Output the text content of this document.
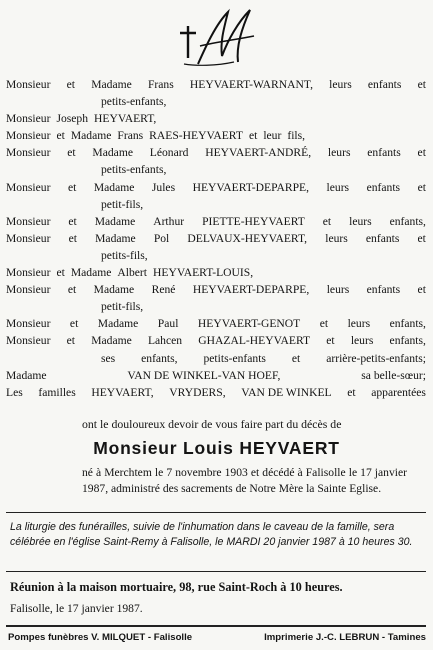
Monsieur et Madame Frans HEYVAERT-WARNANT, leurs enfants et
petits-enfants,
Monsieur Joseph HEYVAERT,
Monsieur et Madame Frans RAES-HEYVAERT et leur fils,
Monsieur et Madame Léonard HEYVAERT-ANDRÉ, leurs enfants et
petits-enfants,
Monsieur et Madame Jules HEYVAERT-DEPARPE, leurs enfants et
petit-fils,
Monsieur et Madame Arthur PIETTE-HEYVAERT et leurs enfants,
Monsieur et Madame Pol DELVAUX-HEYVAERT, leurs enfants et
petits-fils,
Monsieur et Madame Albert HEYVAERT-LOUIS,
Monsieur et Madame René HEYVAERT-DEPARPE, leurs enfants et
petit-fils,
Monsieur et Madame Paul HEYVAERT-GENOT et leurs enfants,
Monsieur et Madame Lahcen GHAZAL-HEYVAERT et leurs enfants,
ses enfants, petits-enfants et arrière-petits-enfants;
Madame	VAN DE WINKEL-VAN HOEF,	sa belle-sœur;
Les familles HEYVAERT, VRYDERS, VAN DE WINKEL et apparentées
ont le douloureux devoir de vous faire part du décès de
Monsieur Louis HEYVAERT
né à Merchtem le 7 novembre 1903 et décédé à Falisolle le 17 janvier 1987, administré des sacrements de Notre Mère la Sainte Eglise.
La liturgie des funérailles, suivie de l'inhumation dans le caveau de la famille, sera célébrée en l'église Saint-Remy à Falisolle, le MARDI 20 janvier 1987 à 10 heures 30.
Réunion à la maison mortuaire, 98, rue Saint-Roch à 10 heures.
Falisolle, le 17 janvier 1987.
Pompes funèbres V. MILQUET - Falisolle	Imprimerie J.-C. LEBRUN - Tamines
